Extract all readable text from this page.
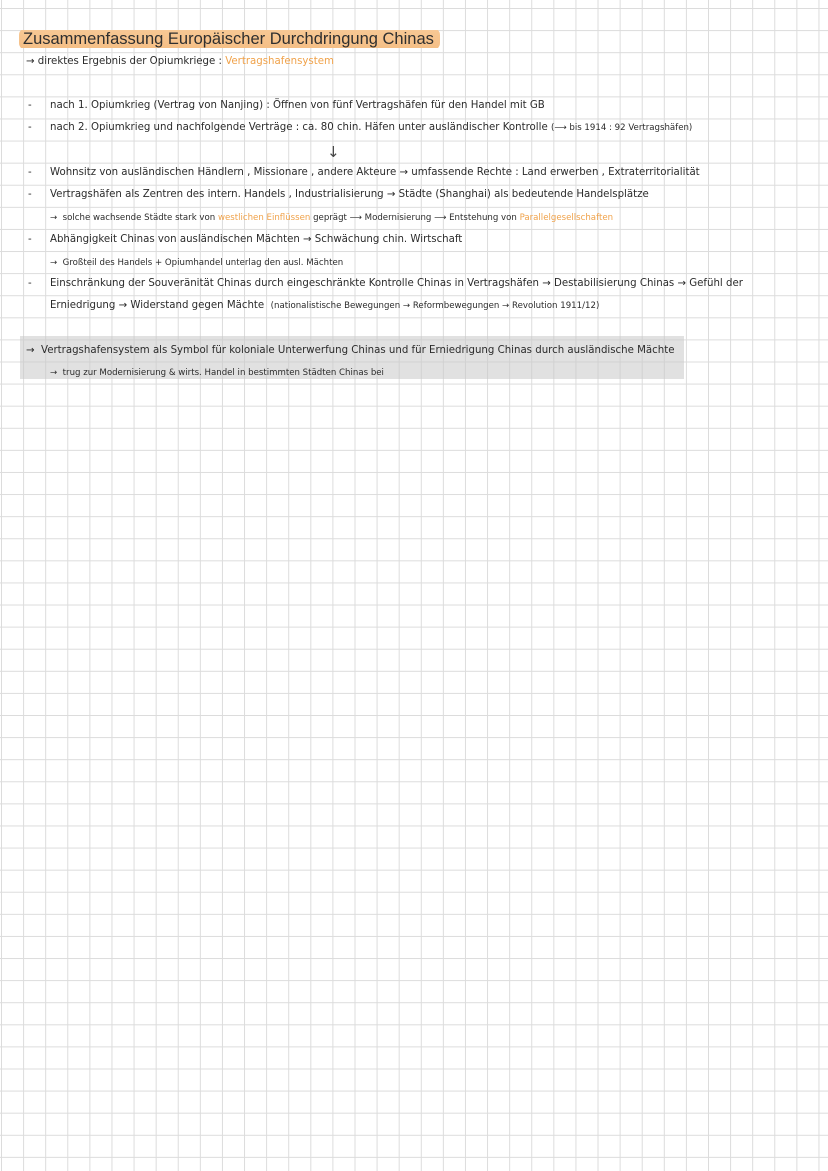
Zusammenfassung Europäischer Durchdringung Chinas
→ direktes Ergebnis der Opiumkriege : Vertragshafensystem
- nach 1. Opiumkrieg (Vertrag von Nanjing) : Öffnen von fünf Vertragshäfen für den Handel mit GB
- nach 2. Opiumkrieg und nachfolgende Verträge : ca. 80 chin. Häfen unter ausländischer Kontrolle (⟶ bis 1914 : 92 Vertragshäfen)
↓
- Wohnsitz von ausländischen Händlern , Missionare , andere Akteure → umfassende Rechte : Land erwerben , Extraterritorialität
- Vertragshäfen als Zentren des intern. Handels , Industrialisierung → Städte (Shanghai) als bedeutende Handelsplätze
→ solche wachsende Städte stark von westlichen Einflüssen geprägt ⟶ Modernisierung ⟶ Entstehung von Parallelgesellschaften
- Abhängigkeit Chinas von ausländischen Mächten → Schwächung chin. Wirtschaft
→ Großteil des Handels + Opiumhandel unterlag den ausl. Mächten
- Einschränkung der Souveränität Chinas durch eingeschränkte Kontrolle Chinas in Vertragshäfen → Destabilisierung Chinas → Gefühl der
Erniedrigung → Widerstand gegen Mächte (nationalistische Bewegungen → Reformbewegungen → Revolution 1911/12)
→ Vertragshafensystem als Symbol für koloniale Unterwerfung Chinas und für Erniedrigung Chinas durch ausländische Mächte
→ trug zur Modernisierung & wirts. Handel in bestimmten Städten Chinas bei
